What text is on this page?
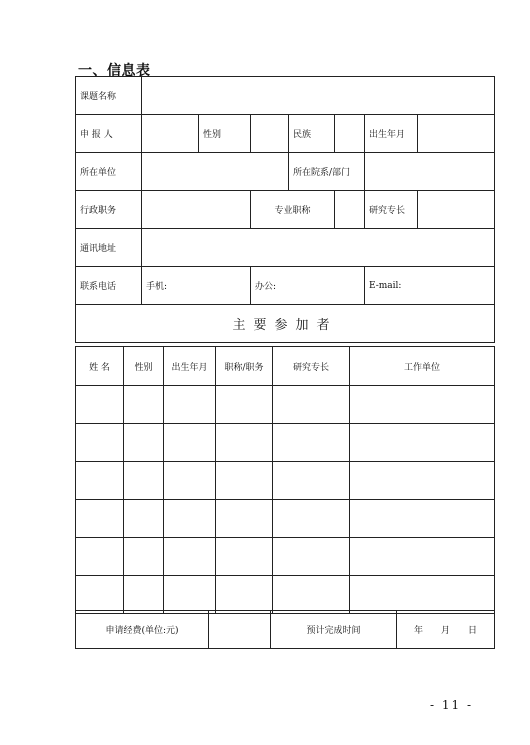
一、信息表
课题名称							
申 报 人		性别		民族		出生年月	
所在单位				所在院系/部门			
行政职务			专业职称			研究专长	
通讯地址							
联系电话	手机:		办公:			E-mail:	
主要参加者							
姓 名	性别	出生年月	职称/职务	研究专长	工作单位

申请经费(单位:元)		预计完成时间	年　　月　　日
- 11 -
